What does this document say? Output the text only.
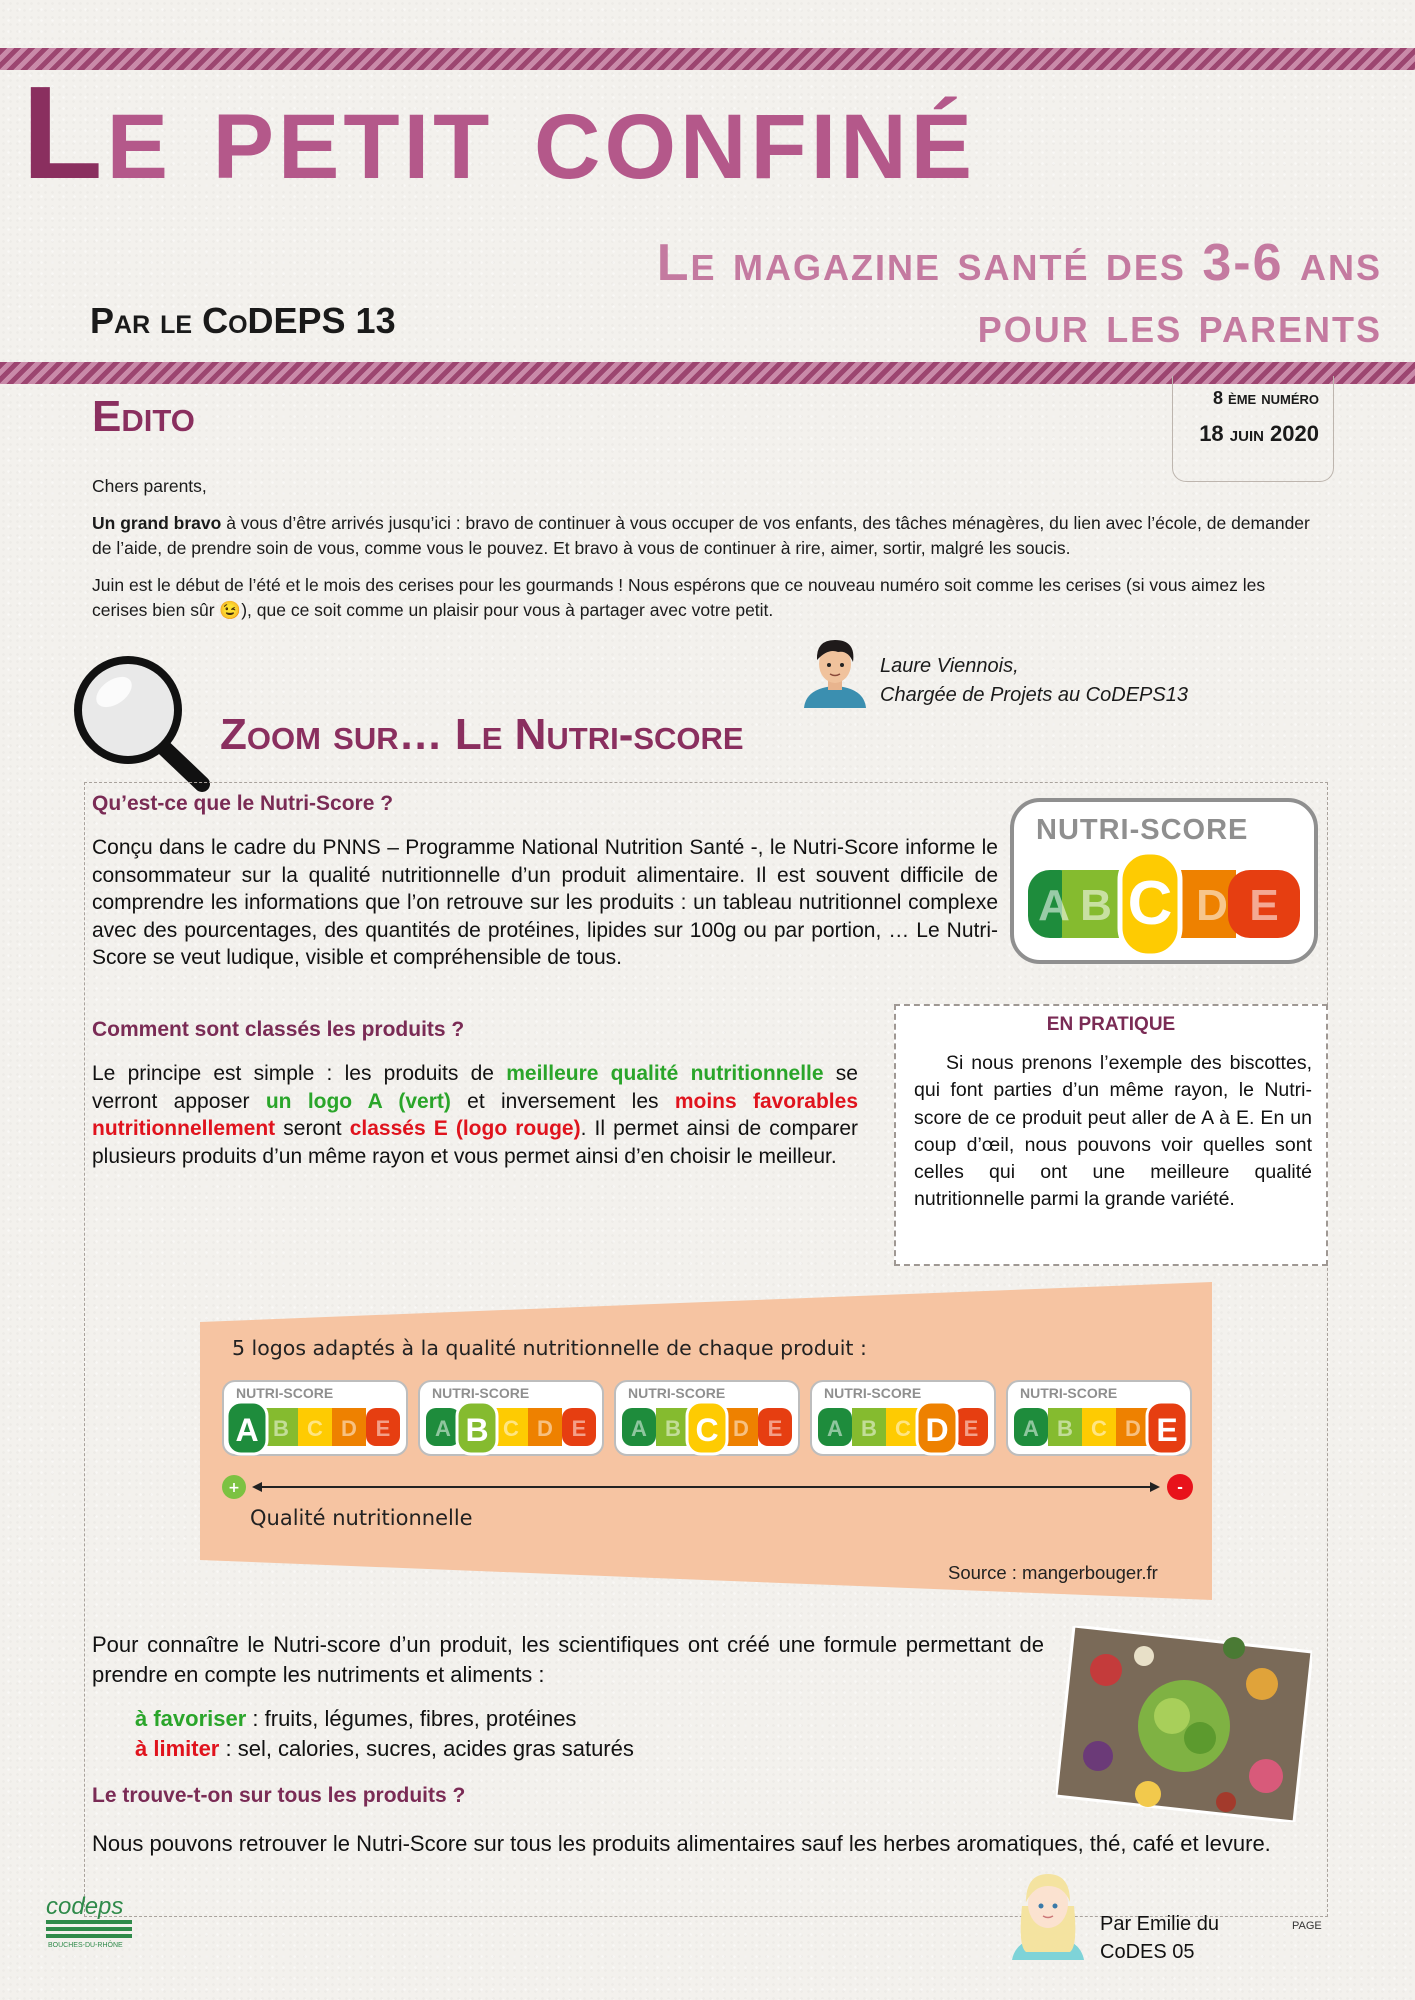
Le petit confiné
Le magazine santé des 3-6 ans
pour les parents
Par le CoDEPS 13
8 ème numéro
18 juin 2020
Edito

Chers parents,

Un grand bravo à vous d’être arrivés jusqu’ici : bravo de continuer à vous occuper de vos enfants, des tâches ménagères, du lien avec l’école, de demander de l’aide, de prendre soin de vous, comme vous le pouvez. Et bravo à vous de continuer à rire, aimer, sortir, malgré les soucis.

Juin est le début de l’été et le mois des cerises pour les gourmands ! Nous espérons que ce nouveau numéro soit comme les cerises (si vous aimez les cerises bien sûr 😉), que ce soit comme un plaisir pour vous à partager avec votre petit.

Laure Viennois,
Chargée de Projets au CoDEPS13
Zoom sur… Le Nutri-score
Qu’est-ce que le Nutri-Score ?
Conçu dans le cadre du PNNS – Programme National Nutrition Santé -, le Nutri-Score informe le consommateur sur la qualité nutritionnelle d’un produit alimentaire. Il est souvent difficile de comprendre les informations que l’on retrouve sur les produits : un tableau nutritionnel complexe avec des pourcentages, des quantités de protéines, lipides sur 100g ou par portion, … Le Nutri-Score se veut ludique, visible et compréhensible de tous.
NUTRI-SCORE
A B D E
C
Comment sont classés les produits ?
Le principe est simple : les produits de meilleure qualité nutritionnelle se verront apposer un logo A (vert) et inversement les moins favorables nutritionnellement seront classés E (logo rouge). Il permet ainsi de comparer plusieurs produits d’un même rayon et vous permet ainsi d’en choisir le meilleur.
EN PRATIQUE
Si nous prenons l’exemple des biscottes, qui font parties d’un même rayon, le Nutri-score de ce produit peut aller de A à E. En un coup d’œil, nous pouvons voir quelles sont celles qui ont une meilleure qualité nutritionnelle parmi la grande variété.
5 logos adaptés à la qualité nutritionnelle de chaque produit :
NUTRI-SCORE
A B C D E
NUTRI-SCORE
A B C D E
NUTRI-SCORE
A B C D E
NUTRI-SCORE
A B C D E
NUTRI-SCORE
A B C D E
+	-
Qualité nutritionnelle
Source : mangerbouger.fr
Pour connaître le Nutri-score d’un produit, les scientifiques ont créé une formule permettant de prendre en compte les nutriments et aliments :
à favoriser : fruits, légumes, fibres, protéines
à limiter : sel, calories, sucres, acides gras saturés
Le trouve-t-on sur tous les produits ?
Nous pouvons retrouver le Nutri-Score sur tous les produits alimentaires sauf les herbes aromatiques, thé, café et levure.
codeps
BOUCHES-DU-RHÔNE
Par Emilie du
CoDES 05
PAGE
